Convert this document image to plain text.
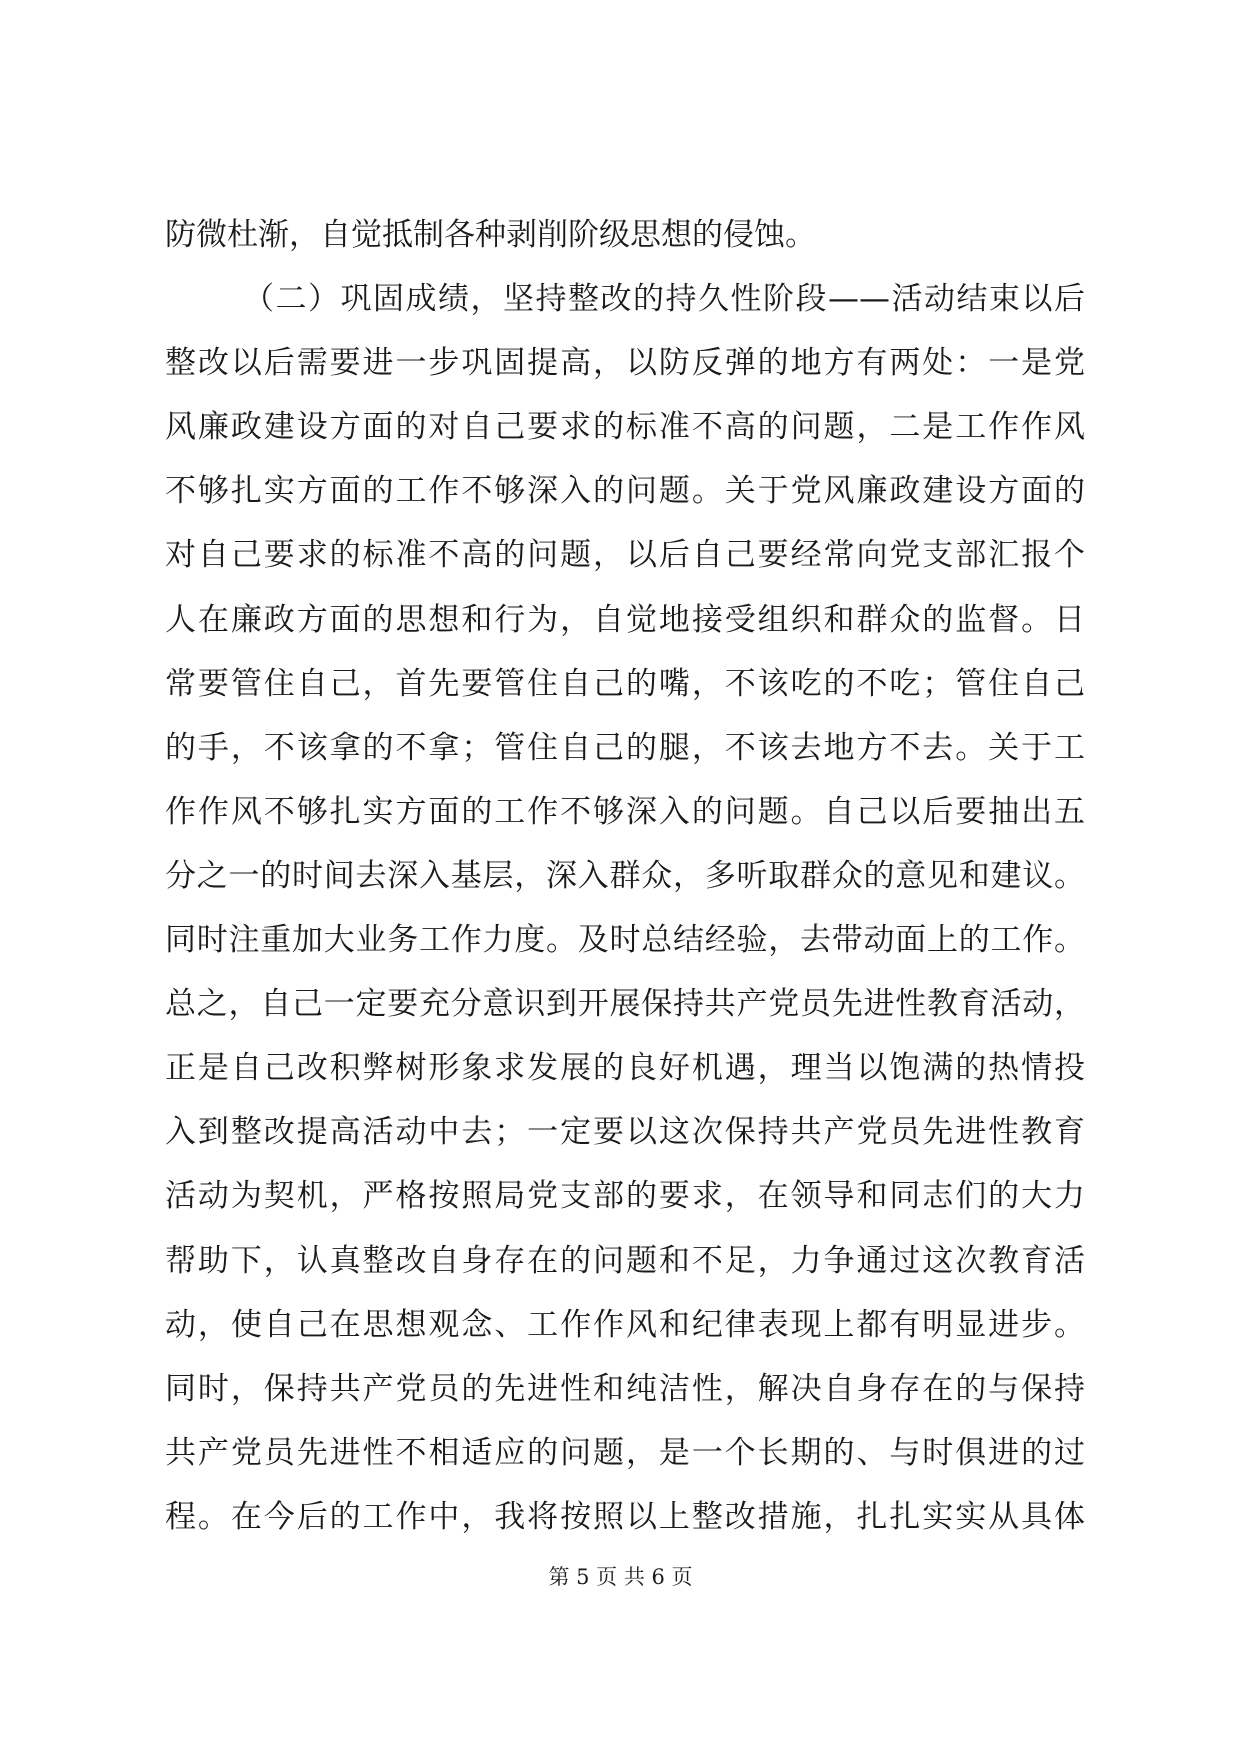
防微杜渐，自觉抵制各种剥削阶级思想的侵蚀。
（二）巩固成绩，坚持整改的持久性阶段——活动结束以后
整改以后需要进一步巩固提高，以防反弹的地方有两处：一是党
风廉政建设方面的对自己要求的标准不高的问题，二是工作作风
不够扎实方面的工作不够深入的问题。关于党风廉政建设方面的
对自己要求的标准不高的问题，以后自己要经常向党支部汇报个
人在廉政方面的思想和行为，自觉地接受组织和群众的监督。日
常要管住自己，首先要管住自己的嘴，不该吃的不吃；管住自己
的手，不该拿的不拿；管住自己的腿，不该去地方不去。关于工
作作风不够扎实方面的工作不够深入的问题。自己以后要抽出五
分之一的时间去深入基层，深入群众，多听取群众的意见和建议。
同时注重加大业务工作力度。及时总结经验，去带动面上的工作。
总之，自己一定要充分意识到开展保持共产党员先进性教育活动，
正是自己改积弊树形象求发展的良好机遇，理当以饱满的热情投
入到整改提高活动中去；一定要以这次保持共产党员先进性教育
活动为契机，严格按照局党支部的要求，在领导和同志们的大力
帮助下，认真整改自身存在的问题和不足，力争通过这次教育活
动，使自己在思想观念、工作作风和纪律表现上都有明显进步。
同时，保持共产党员的先进性和纯洁性，解决自身存在的与保持
共产党员先进性不相适应的问题，是一个长期的、与时俱进的过
程。在今后的工作中，我将按照以上整改措施，扎扎实实从具体
第 5 页 共 6 页
